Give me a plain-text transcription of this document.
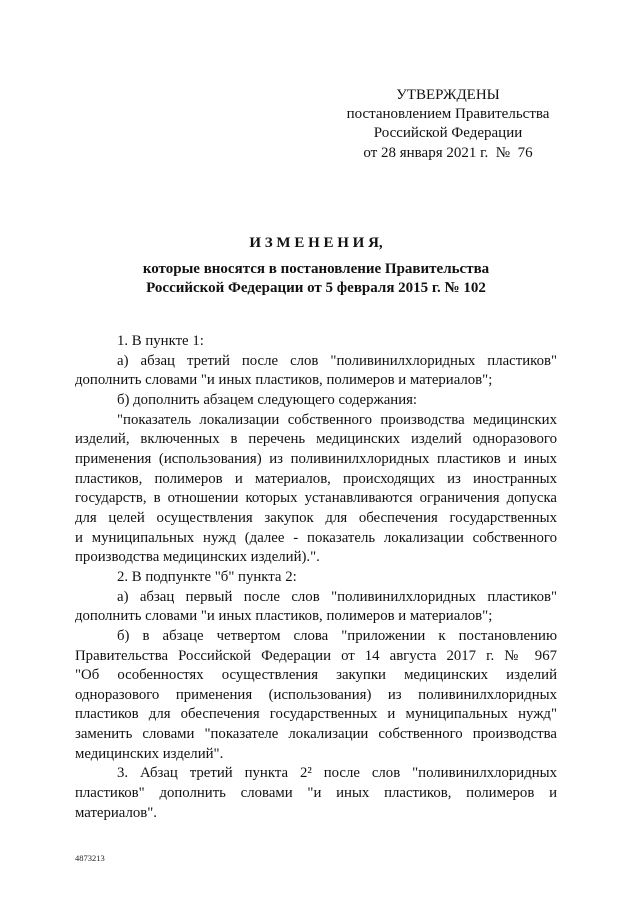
УТВЕРЖДЕНЫ
постановлением Правительства
Российской Федерации
от 28 января 2021 г.  №  76
И З М Е Н Е Н И Я,
которые вносятся в постановление Правительства
Российской Федерации от 5 февраля 2015 г. № 102
1. В пункте 1:
а) абзац третий после слов "поливинилхлоридных пластиков"
дополнить словами "и иных пластиков, полимеров и материалов";
б) дополнить абзацем следующего содержания:
"показатель локализации собственного производства медицинских
изделий, включенных в перечень медицинских изделий одноразового
применения (использования) из поливинилхлоридных пластиков и иных
пластиков, полимеров и материалов, происходящих из иностранных
государств, в отношении которых устанавливаются ограничения допуска
для целей осуществления закупок для обеспечения государственных
и муниципальных нужд (далее - показатель локализации собственного
производства медицинских изделий).".
2. В подпункте "б" пункта 2:
а) абзац первый после слов "поливинилхлоридных пластиков"
дополнить словами "и иных пластиков, полимеров и материалов";
б) в абзаце четвертом слова "приложении к постановлению
Правительства Российской Федерации от 14 августа 2017 г. № 967
"Об особенностях осуществления закупки медицинских изделий
одноразового применения (использования) из поливинилхлоридных
пластиков для обеспечения государственных и муниципальных нужд"
заменить словами "показателе локализации собственного производства
медицинских изделий".
3. Абзац третий пункта 2² после слов "поливинилхлоридных
пластиков" дополнить словами "и иных пластиков, полимеров и
материалов".
4873213
